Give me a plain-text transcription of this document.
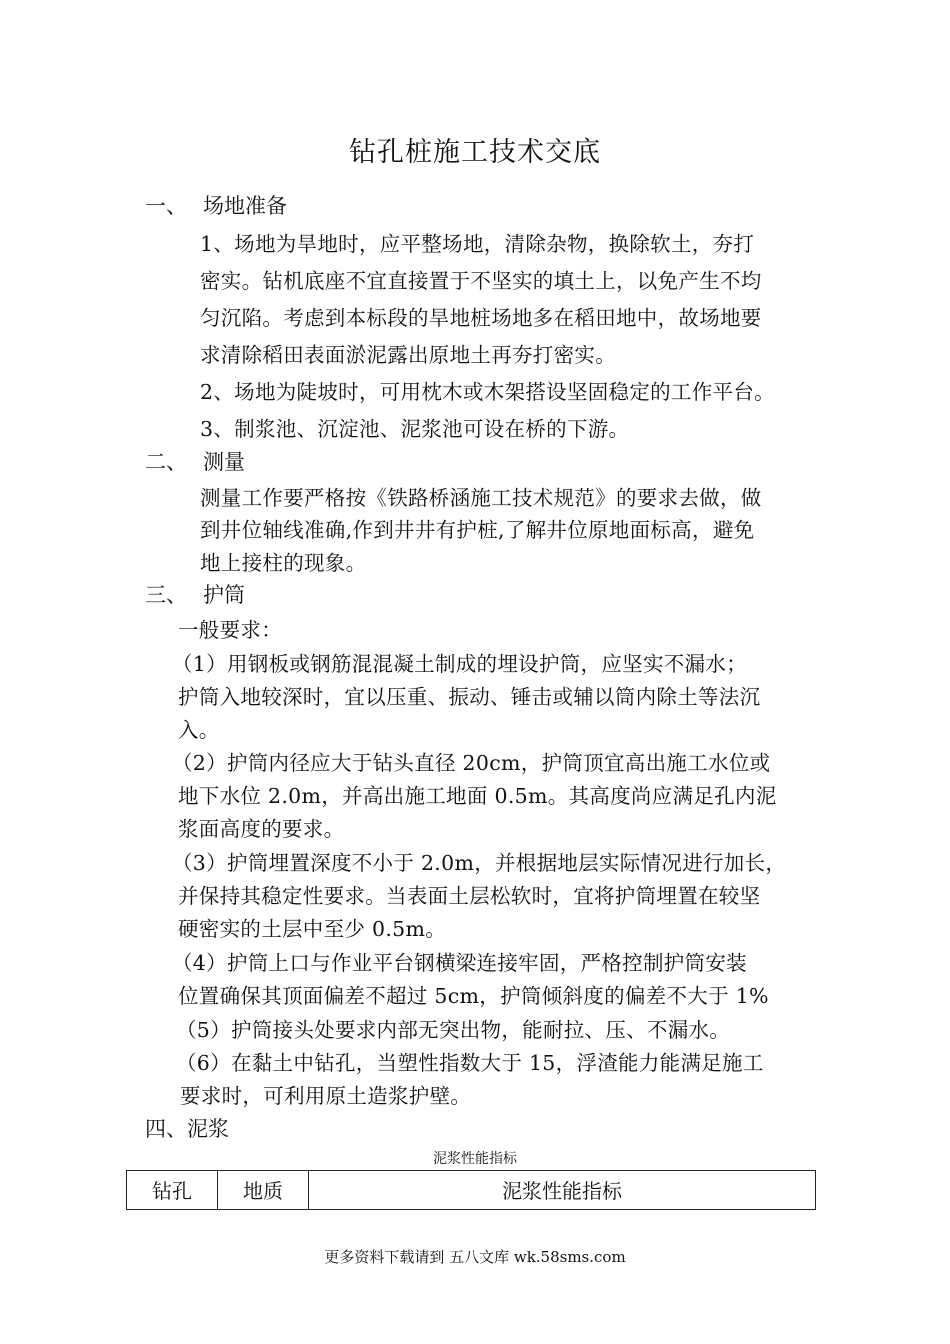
钻孔桩施工技术交底
一、 场地准备
1、场地为旱地时，应平整场地，清除杂物，换除软土，夯打
密实。钻机底座不宜直接置于不坚实的填土上，以免产生不均
匀沉陷。考虑到本标段的旱地桩场地多在稻田地中，故场地要
求清除稻田表面淤泥露出原地土再夯打密实。
2、场地为陡坡时，可用枕木或木架搭设坚固稳定的工作平台。
3、制浆池、沉淀池、泥浆池可设在桥的下游。
二、 测量
测量工作要严格按《铁路桥涵施工技术规范》的要求去做，做
到井位轴线准确,作到井井有护桩,了解井位原地面标高，避免
地上接柱的现象。
三、 护筒
一般要求：
（1）用钢板或钢筋混混凝土制成的埋设护筒，应坚实不漏水；
护筒入地较深时，宜以压重、振动、锤击或辅以筒内除土等法沉
入。
（2）护筒内径应大于钻头直径 20cm，护筒顶宜高出施工水位或
地下水位 2.0m，并高出施工地面 0.5m。其高度尚应满足孔内泥
浆面高度的要求。
（3）护筒埋置深度不小于 2.0m，并根据地层实际情况进行加长，
并保持其稳定性要求。当表面土层松软时，宜将护筒埋置在较坚
硬密实的土层中至少 0.5m。
（4）护筒上口与作业平台钢横梁连接牢固，严格控制护筒安装
位置确保其顶面偏差不超过 5cm，护筒倾斜度的偏差不大于 1%
（5）护筒接头处要求内部无突出物，能耐拉、压、不漏水。
（6）在黏土中钻孔，当塑性指数大于 15，浮渣能力能满足施工
要求时，可利用原土造浆护壁。
四、泥浆
泥浆性能指标
钻孔	地质	泥浆性能指标
更多资料下载请到 五八文库 wk.58sms.com
